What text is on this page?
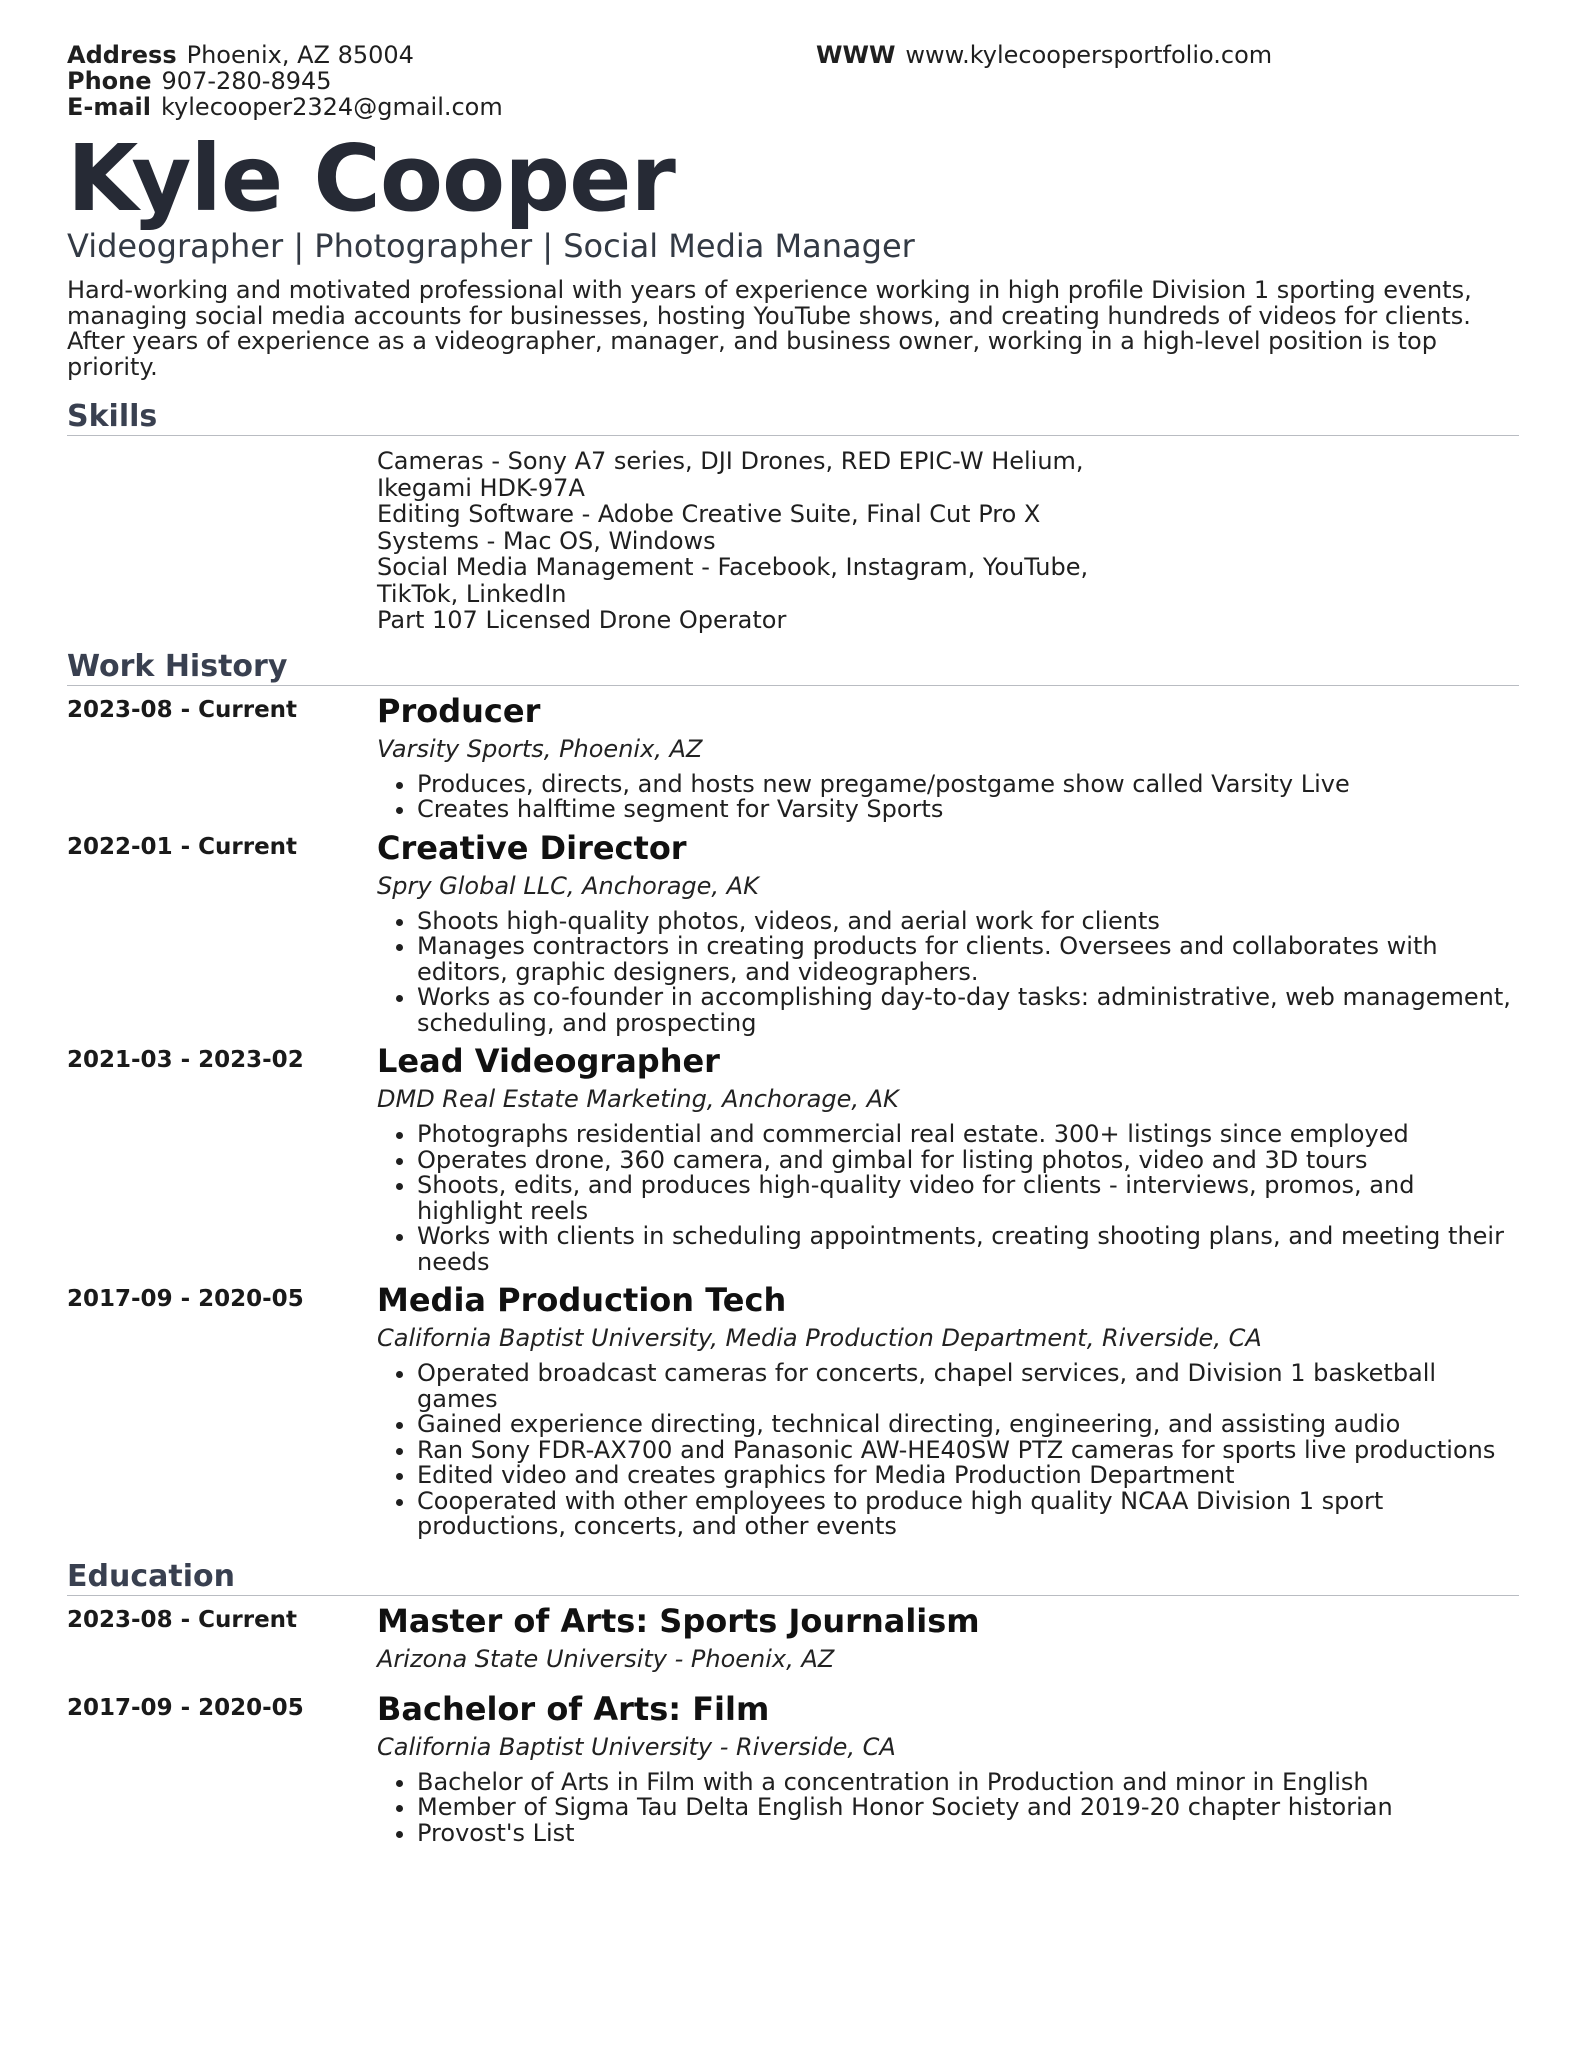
Address Phoenix, AZ 85004
Phone 907-280-8945
E-mail kylecooper2324@gmail.com
WWW www.kylecoopersportfolio.com
Kyle Cooper
Videographer | Photographer | Social Media Manager
Hard-working and motivated professional with years of experience working in high profile Division 1 sporting events, managing social media accounts for businesses, hosting YouTube shows, and creating hundreds of videos for clients. After years of experience as a videographer, manager, and business owner, working in a high-level position is top priority.
Skills
Cameras - Sony A7 series, DJI Drones, RED EPIC-W Helium,
Ikegami HDK-97A
Editing Software - Adobe Creative Suite, Final Cut Pro X
Systems - Mac OS, Windows
Social Media Management - Facebook, Instagram, YouTube,
TikTok, LinkedIn
Part 107 Licensed Drone Operator
Work History
2023-08 - Current	Producer
Varsity Sports, Phoenix, AZ
• Produces, directs, and hosts new pregame/postgame show called Varsity Live
• Creates halftime segment for Varsity Sports
2022-01 - Current	Creative Director
Spry Global LLC, Anchorage, AK
• Shoots high-quality photos, videos, and aerial work for clients
• Manages contractors in creating products for clients. Oversees and collaborates with editors, graphic designers, and videographers.
• Works as co-founder in accomplishing day-to-day tasks: administrative, web management, scheduling, and prospecting
2021-03 - 2023-02	Lead Videographer
DMD Real Estate Marketing, Anchorage, AK
• Photographs residential and commercial real estate. 300+ listings since employed
• Operates drone, 360 camera, and gimbal for listing photos, video and 3D tours
• Shoots, edits, and produces high-quality video for clients - interviews, promos, and highlight reels
• Works with clients in scheduling appointments, creating shooting plans, and meeting their needs
2017-09 - 2020-05	Media Production Tech
California Baptist University, Media Production Department, Riverside, CA
• Operated broadcast cameras for concerts, chapel services, and Division 1 basketball games
• Gained experience directing, technical directing, engineering, and assisting audio
• Ran Sony FDR-AX700 and Panasonic AW-HE40SW PTZ cameras for sports live productions
• Edited video and creates graphics for Media Production Department
• Cooperated with other employees to produce high quality NCAA Division 1 sport productions, concerts, and other events
Education
2023-08 - Current	Master of Arts: Sports Journalism
Arizona State University - Phoenix, AZ
2017-09 - 2020-05	Bachelor of Arts: Film
California Baptist University - Riverside, CA
• Bachelor of Arts in Film with a concentration in Production and minor in English
• Member of Sigma Tau Delta English Honor Society and 2019-20 chapter historian
• Provost's List
